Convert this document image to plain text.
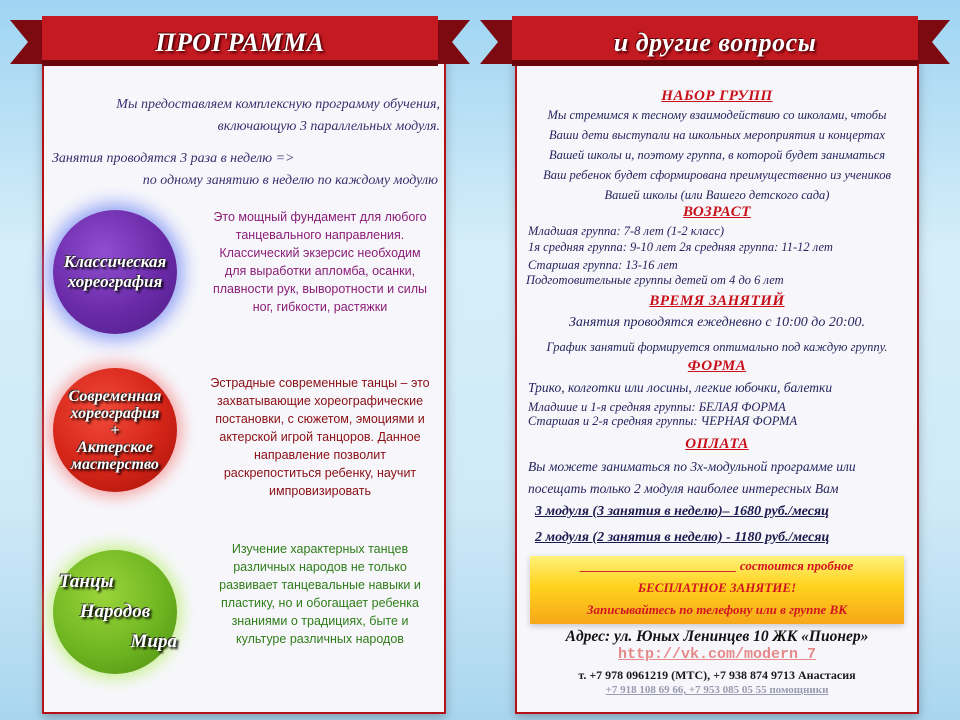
ПРОГРАММА
Мы предоставляем комплексную программу обучения,
включающую 3 параллельных модуля.
Занятия проводятся 3 раза в неделю =>
по одному занятию в неделю по каждому модулю
Классическая
хореография
Это мощный фундамент для любого танцевального направления. Классический экзерсис необходим для выработки апломба, осанки, плавности рук, выворотности и силы ног, гибкости, растяжки
Современная
хореография
+
Актерское
мастерство
Эстрадные современные танцы – это захватывающие хореографические постановки, с сюжетом, эмоциями и актерской игрой танцоров. Данное направление позволит раскрепоститься ребенку, научит импровизировать
Танцы
Народов
Мира
Изучение характерных танцев различных народов не только развивает танцевальные навыки и пластику, но и обогащает ребенка знаниями о традициях, быте и культуре различных народов
и другие вопросы
НАБОР ГРУПП
Мы стремимся к тесному взаимодействию со школами, чтобы
Ваши дети выступали на школьных мероприятия и концертах
Вашей школы и, поэтому группа, в которой будет заниматься
Ваш ребенок будет сформирована преимущественно из учеников
Вашей школы (или Вашего детского сада)
ВОЗРАСТ
Младшая группа: 7-8 лет (1-2 класс)
1я средняя группа: 9-10 лет 2я средняя группа: 11-12 лет
Старшая группа: 13-16 лет
Подготовительные группы детей от 4 до 6 лет
ВРЕМЯ ЗАНЯТИЙ
Занятия проводятся ежедневно с 10:00 до 20:00.
График занятий формируется оптимально под каждую группу.
ФОРМА
Трико, колготки или лосины, легкие юбочки, балетки
Младшие и 1-я средняя группы: БЕЛАЯ ФОРМА
Старшая и 2-я средняя группы: ЧЕРНАЯ ФОРМА
ОПЛАТА
Вы можете заниматься по 3х-модульной программе или
посещать только 2 модуля наиболее интересных Вам
3 модуля (3 занятия в неделю)– 1680 руб./месяц
2 модуля (2 занятия в неделю) - 1180 руб./месяц
________________________ состоится пробное
БЕСПЛАТНОЕ ЗАНЯТИЕ!
Записывайтесь по телефону или в группе ВК
Адрес: ул. Юных Ленинцев 10 ЖК «Пионер»
http://vk.com/modern_7
т. +7 978 0961219 (МТС), +7 938 874 9713 Анастасия
+7 918 108 69 66, +7 953 085 05 55 помощники
